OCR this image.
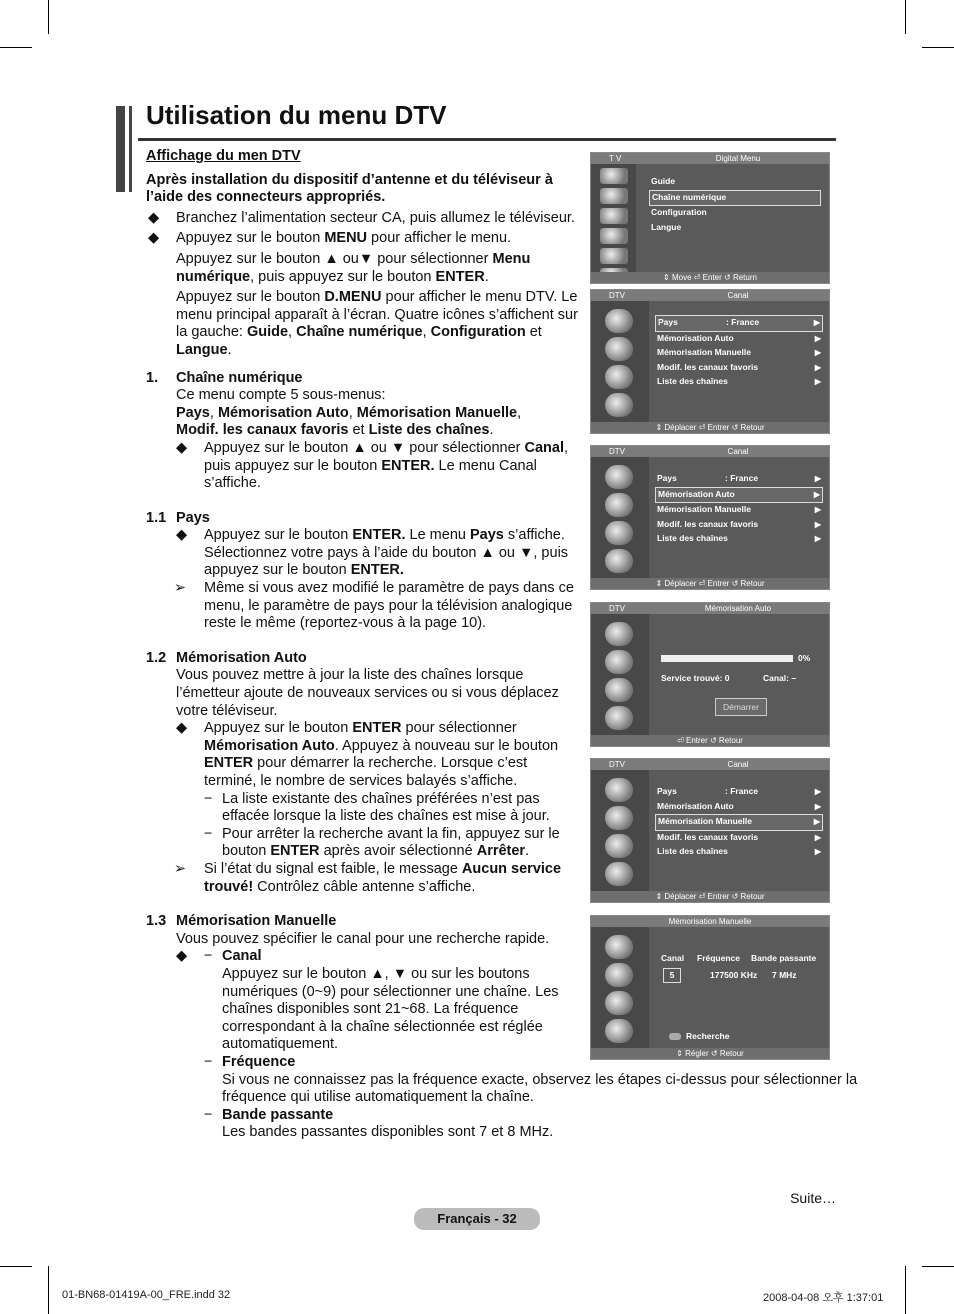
Utilisation du menu DTV

Affichage du men DTV

Après installation du dispositif d’antenne et du téléviseur à l’aide des connecteurs appropriés.

◆ Branchez l’alimentation secteur CA, puis allumez le téléviseur.
◆ Appuyez sur le bouton MENU pour afficher le menu.
Appuyez sur le bouton ▲ ou▼ pour sélectionner Menu numérique, puis appuyez sur le bouton ENTER.
Appuyez sur le bouton D.MENU pour afficher le menu DTV. Le menu principal apparaît à l’écran. Quatre icônes s’affichent sur la gauche: Guide, Chaîne numérique, Configuration et Langue.
1. Chaîne numérique
Ce menu compte 5 sous-menus:
Pays, Mémorisation Auto, Mémorisation Manuelle,
Modif. les canaux favoris et Liste des chaînes.
◆ Appuyez sur le bouton ▲ ou ▼ pour sélectionner Canal, puis appuyez sur le bouton ENTER. Le menu Canal s’affiche.
1.1 Pays
◆ Appuyez sur le bouton ENTER. Le menu Pays s’affiche. Sélectionnez votre pays à l’aide du bouton ▲ ou ▼, puis appuyez sur le bouton ENTER.
➢ Même si vous avez modifié le paramètre de pays dans ce menu, le paramètre de pays pour la télévision analogique reste le même (reportez-vous à la page 10).
1.2 Mémorisation Auto
Vous pouvez mettre à jour la liste des chaînes lorsque l’émetteur ajoute de nouveaux services ou si vous déplacez votre téléviseur.
◆ Appuyez sur le bouton ENTER pour sélectionner Mémorisation Auto. Appuyez à nouveau sur le bouton ENTER pour démarrer la recherche. Lorsque c’est terminé, le nombre de services balayés s’affiche.
− La liste existante des chaînes préférées n’est pas effacée lorsque la liste des chaînes est mise à jour.
− Pour arrêter la recherche avant la fin, appuyez sur le bouton ENTER après avoir sélectionné Arrêter.
➢ Si l’état du signal est faible, le message Aucun service trouvé! Contrôlez câble antenne s’affiche.
1.3 Mémorisation Manuelle
Vous pouvez spécifier le canal pour une recherche rapide.
◆ − Canal
Appuyez sur le bouton ▲, ▼ ou sur les boutons numériques (0~9) pour sélectionner une chaîne. Les chaînes disponibles sont 21~68. La fréquence correspondant à la chaîne sélectionnée est réglée automatiquement.
− Fréquence
Si vous ne connaissez pas la fréquence exacte, observez les étapes ci-dessus pour sélectionner la fréquence qui utilise automatiquement la chaîne.
− Bande passante
Les bandes passantes disponibles sont 7 et 8 MHz.
T V	Digital Menu
Guide
Chaîne numérique
Configuration
Langue
⇕ Move ⏎ Enter ↺ Return
DTV	Canal
Pays	: France	▶
Mémorisation Auto	▶
Mémorisation Manuelle	▶
Modif. les canaux favoris	▶
Liste des chaînes	▶
⇕ Déplacer ⏎ Entrer ↺ Retour
DTV	Canal
Pays	: France	▶
Mémorisation Auto	▶
Mémorisation Manuelle	▶
Modif. les canaux favoris	▶
Liste des chaînes	▶
⇕ Déplacer ⏎ Entrer ↺ Retour
DTV	Mémorisation Auto
0%
Service trouvé: 0	Canal: –
Démarrer
⏎ Entrer ↺ Retour
DTV	Canal
Pays	: France	▶
Mémorisation Auto	▶
Mémorisation Manuelle	▶
Modif. les canaux favoris	▶
Liste des chaînes	▶
⇕ Déplacer ⏎ Entrer ↺ Retour
Mémorisation Manuelle
Canal Fréquence Bande passante
5	177500 KHz 7 MHz
Recherche
⇕ Régler ↺ Retour
Suite…
Français - 32
01-BN68-01419A-00_FRE.indd 32	2008-04-08 오후 1:37:01
